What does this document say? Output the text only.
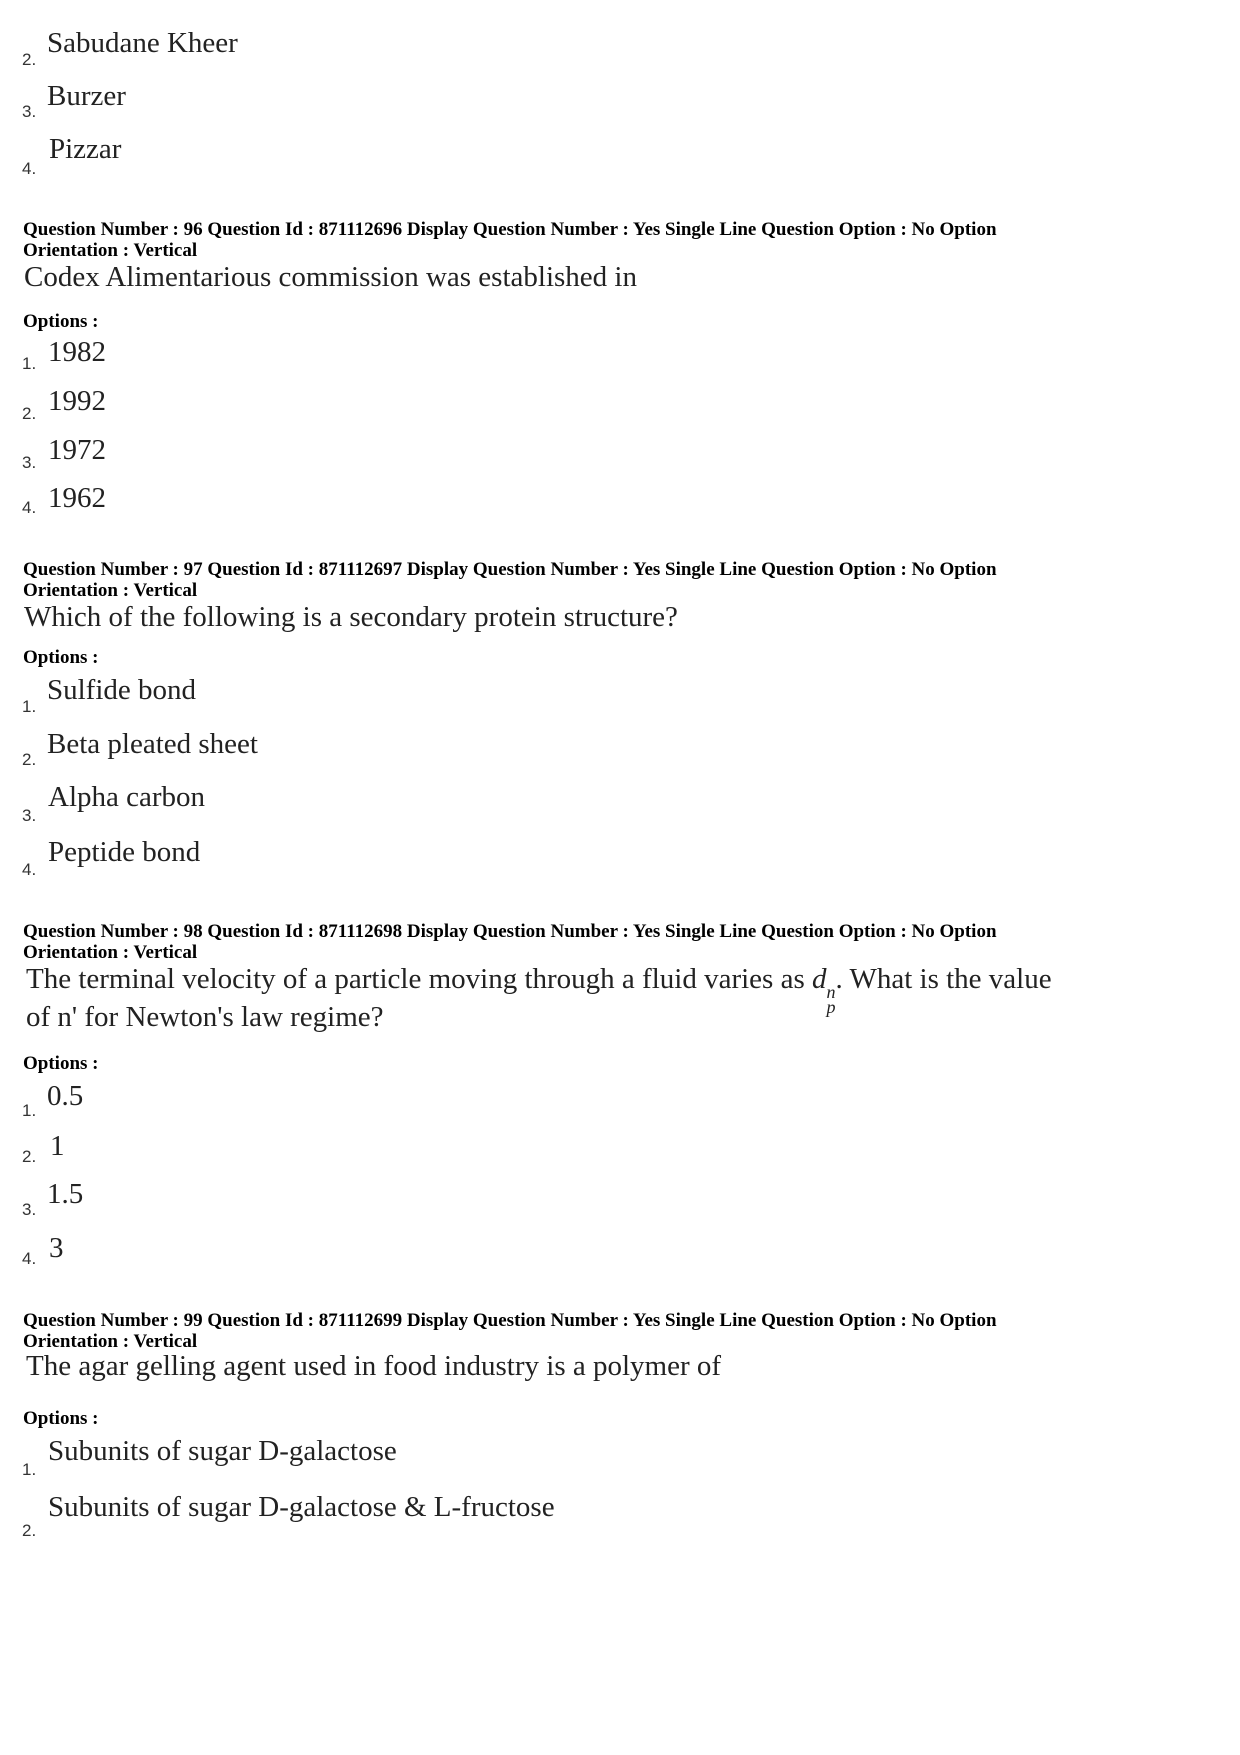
2.
Sabudane Kheer
3. Burzer
4.
Pizzar
Question Number : 96 Question Id : 871112696 Display Question Number : Yes Single Line Question Option : No Option
Orientation : Vertical
Codex Alimentarious commission was established in
Options :
1. 1982
2. 1992
3. 1972
4. 1962
Question Number : 97 Question Id : 871112697 Display Question Number : Yes Single Line Question Option : No Option
Orientation : Vertical
Which of the following is a secondary protein structure?
Options :
1.
Sulfide bond
2. Beta pleated sheet
3.
Alpha carbon
4.
Peptide bond
Question Number : 98 Question Id : 871112698 Display Question Number : Yes Single Line Question Option : No Option
Orientation : Vertical
The terminal velocity of a particle moving through a fluid varies as d n
p
. What is the value
of n' for Newton's law regime?
Options :
1. 0.5
2. 1
3. 1.5
4. 3
Question Number : 99 Question Id : 871112699 Display Question Number : Yes Single Line Question Option : No Option
Orientation : Vertical
The agar gelling agent used in food industry is a polymer of
Options :
1.
Subunits of sugar D-galactose
2.
Subunits of sugar D-galactose & L-fructose
